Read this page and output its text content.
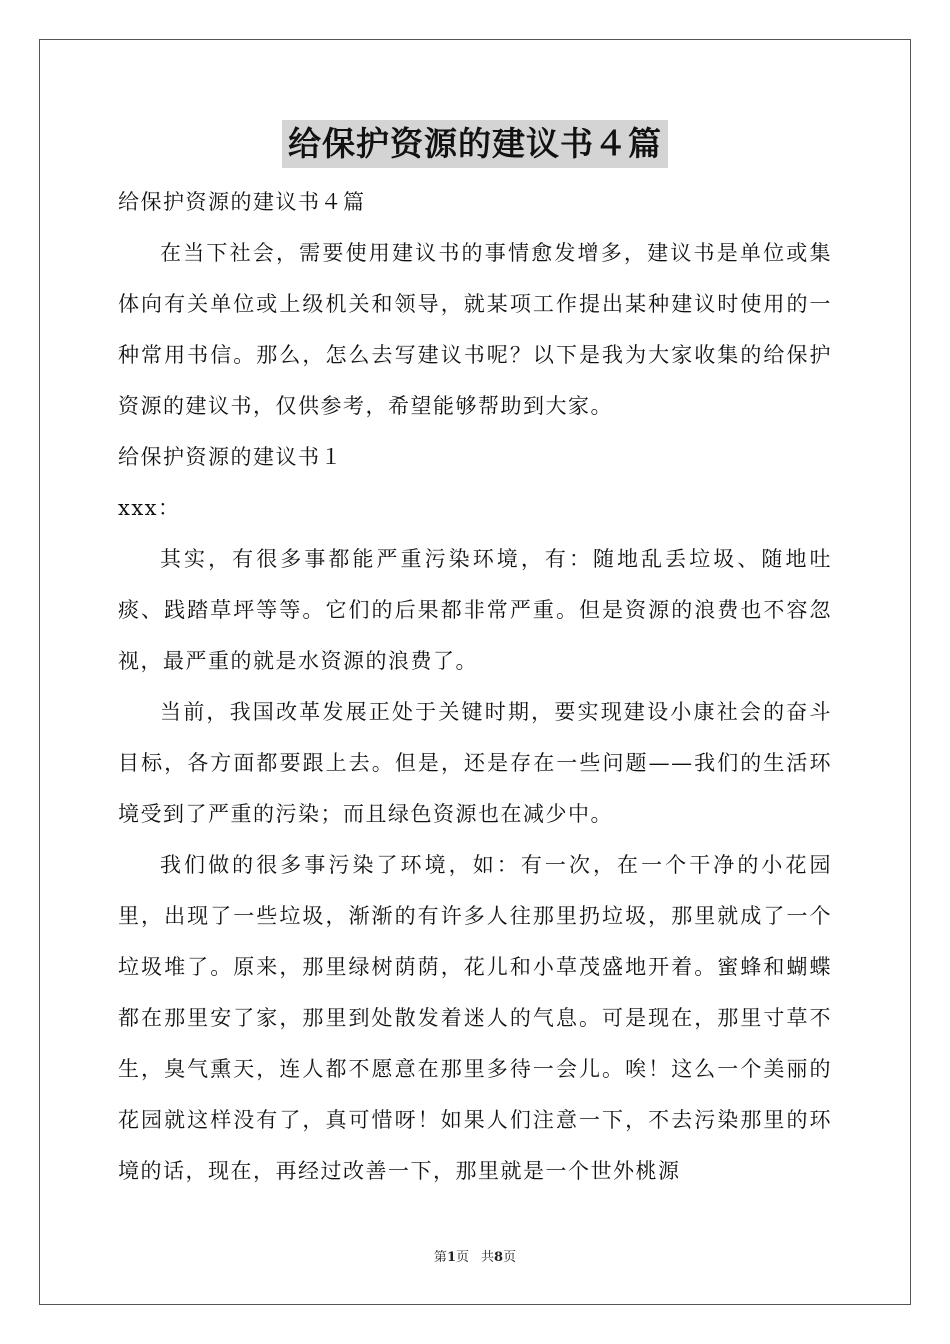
给保护资源的建议书４篇

给保护资源的建议书４篇

在当下社会，需要使用建议书的事情愈发增多，建议书是单位或集体向有关单位或上级机关和领导，就某项工作提出某种建议时使用的一种常用书信。那么，怎么去写建议书呢？以下是我为大家收集的给保护资源的建议书，仅供参考，希望能够帮助到大家。

给保护资源的建议书１

xxx：

其实，有很多事都能严重污染环境，有：随地乱丢垃圾、随地吐痰、践踏草坪等等。它们的后果都非常严重。但是资源的浪费也不容忽视，最严重的就是水资源的浪费了。

当前，我国改革发展正处于关键时期，要实现建设小康社会的奋斗目标，各方面都要跟上去。但是，还是存在一些问题——我们的生活环境受到了严重的污染；而且绿色资源也在减少中。

我们做的很多事污染了环境，如：有一次，在一个干净的小花园里，出现了一些垃圾，渐渐的有许多人往那里扔垃圾，那里就成了一个垃圾堆了。原来，那里绿树荫荫，花儿和小草茂盛地开着。蜜蜂和蝴蝶都在那里安了家，那里到处散发着迷人的气息。可是现在，那里寸草不生，臭气熏天，连人都不愿意在那里多待一会儿。唉！这么一个美丽的花园就这样没有了，真可惜呀！如果人们注意一下，不去污染那里的环境的话，现在，再经过改善一下，那里就是一个世外桃源

第1页 共8页
